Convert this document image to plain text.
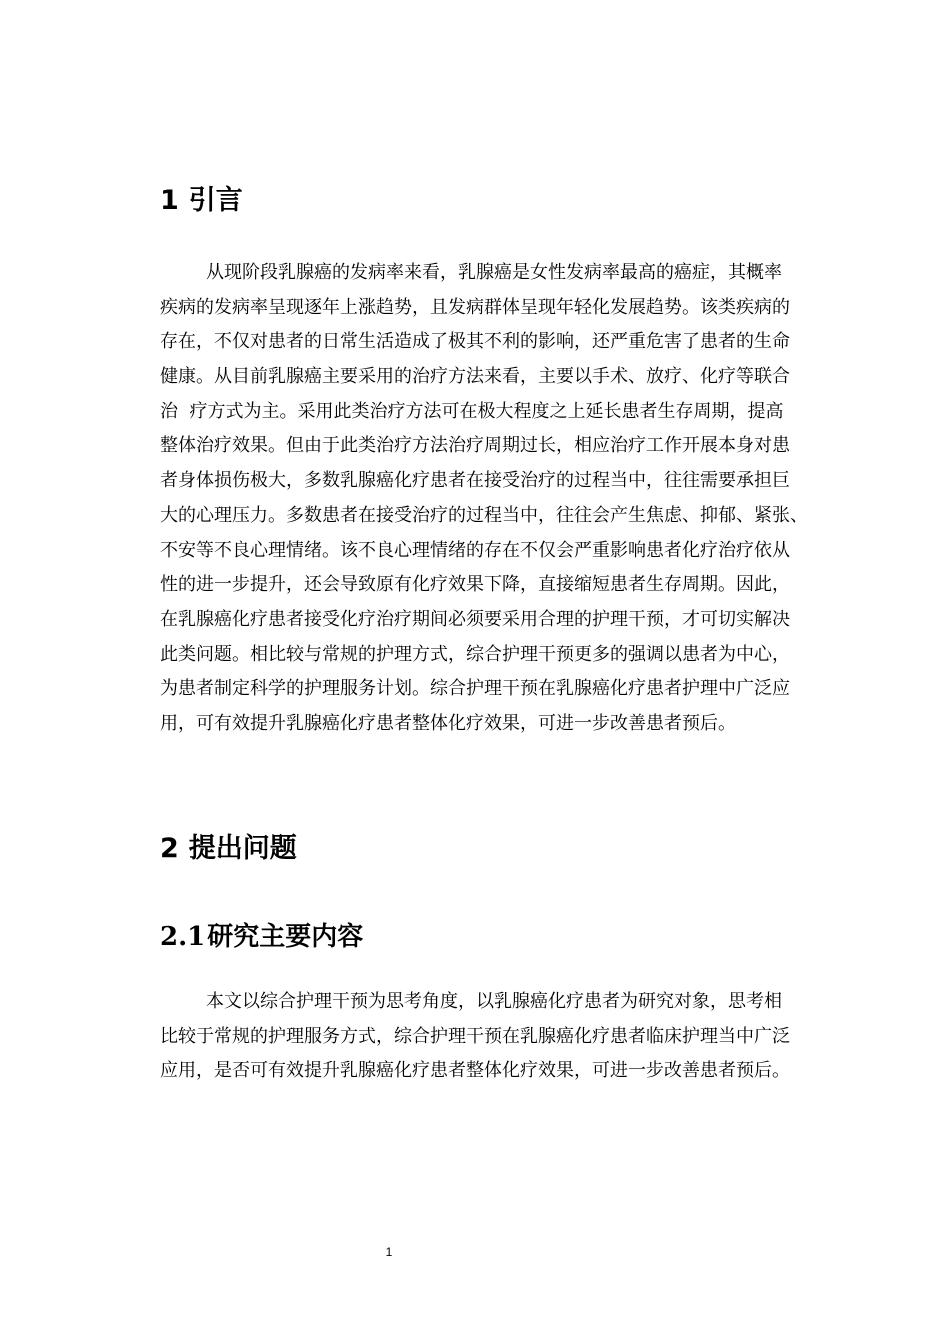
1 引言
从现阶段乳腺癌的发病率来看，乳腺癌是女性发病率最高的癌症，其概率
疾病的发病率呈现逐年上涨趋势，且发病群体呈现年轻化发展趋势。该类疾病的
存在，不仅对患者的日常生活造成了极其不利的影响，还严重危害了患者的生命
健康。从目前乳腺癌主要采用的治疗方法来看，主要以手术、放疗、化疗等联合
治  疗方式为主。采用此类治疗方法可在极大程度之上延长患者生存周期，提高
整体治疗效果。但由于此类治疗方法治疗周期过长，相应治疗工作开展本身对患
者身体损伤极大，多数乳腺癌化疗患者在接受治疗的过程当中，往往需要承担巨
大的心理压力。多数患者在接受治疗的过程当中，往往会产生焦虑、抑郁、紧张、
不安等不良心理情绪。该不良心理情绪的存在不仅会严重影响患者化疗治疗依从
性的进一步提升，还会导致原有化疗效果下降，直接缩短患者生存周期。因此，
在乳腺癌化疗患者接受化疗治疗期间必须要采用合理的护理干预，才可切实解决
此类问题。相比较与常规的护理方式，综合护理干预更多的强调以患者为中心，
为患者制定科学的护理服务计划。综合护理干预在乳腺癌化疗患者护理中广泛应
用，可有效提升乳腺癌化疗患者整体化疗效果，可进一步改善患者预后。
2 提出问题
2.1研究主要内容
本文以综合护理干预为思考角度，以乳腺癌化疗患者为研究对象，思考相
比较于常规的护理服务方式，综合护理干预在乳腺癌化疗患者临床护理当中广泛
应用，是否可有效提升乳腺癌化疗患者整体化疗效果，可进一步改善患者预后。
1
